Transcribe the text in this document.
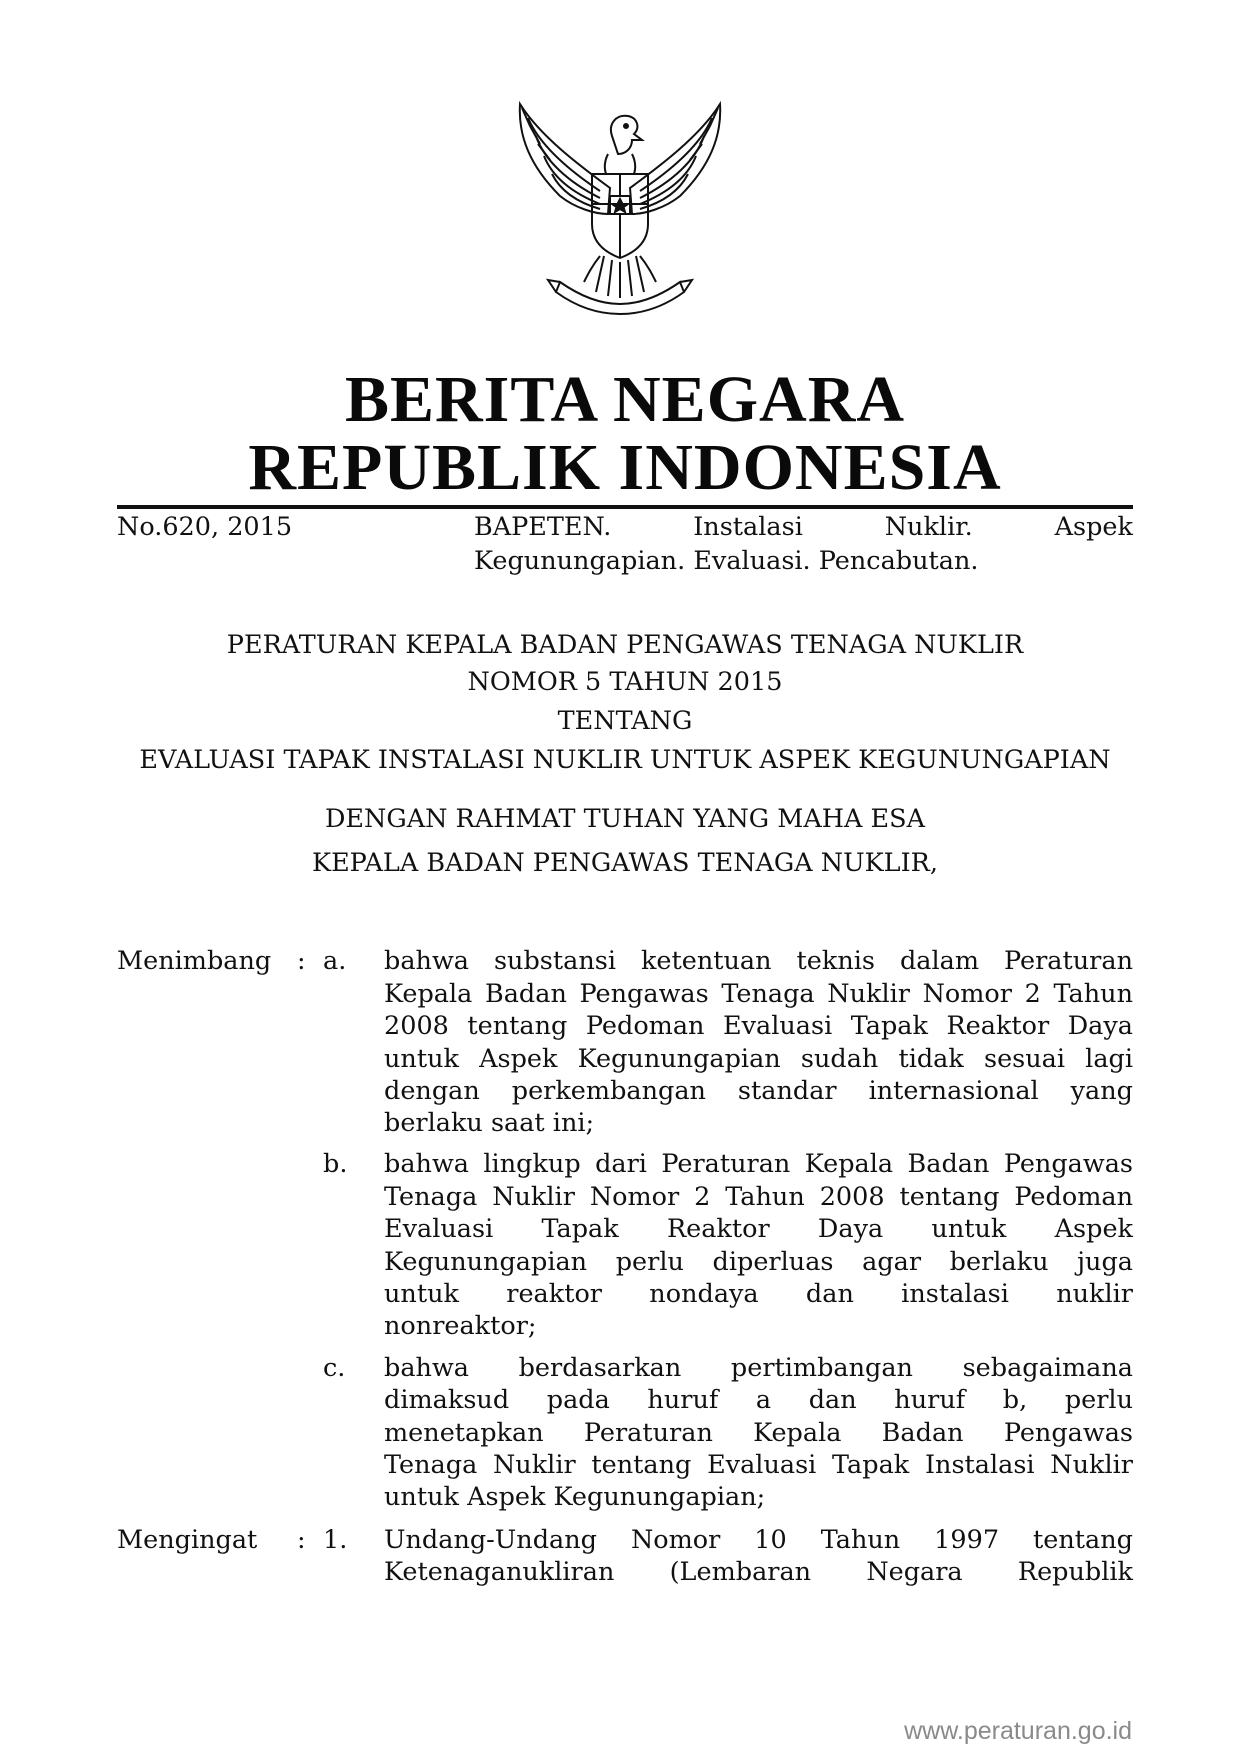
BERITA NEGARA
REPUBLIK INDONESIA
No.620, 2015	BAPETEN.	Instalasi	Nuklir.	Aspek
Kegunungapian. Evaluasi. Pencabutan.
PERATURAN KEPALA BADAN PENGAWAS TENAGA NUKLIR
NOMOR 5 TAHUN 2015
TENTANG
EVALUASI TAPAK INSTALASI NUKLIR UNTUK ASPEK KEGUNUNGAPIAN
DENGAN RAHMAT TUHAN YANG MAHA ESA
KEPALA BADAN PENGAWAS TENAGA NUKLIR,
Menimbang : a. bahwa substansi ketentuan teknis dalam Peraturan
Kepala Badan Pengawas Tenaga Nuklir Nomor 2 Tahun
2008 tentang Pedoman Evaluasi Tapak Reaktor Daya
untuk Aspek Kegunungapian sudah tidak sesuai lagi
dengan perkembangan standar internasional yang
berlaku saat ini;
b. bahwa lingkup dari Peraturan Kepala Badan Pengawas
Tenaga Nuklir Nomor 2 Tahun 2008 tentang Pedoman
Evaluasi Tapak Reaktor Daya untuk Aspek
Kegunungapian perlu diperluas agar berlaku juga
untuk reaktor nondaya dan instalasi nuklir
nonreaktor;
c. bahwa berdasarkan pertimbangan sebagaimana
dimaksud pada huruf a dan huruf b, perlu
menetapkan Peraturan Kepala Badan Pengawas
Tenaga Nuklir tentang Evaluasi Tapak Instalasi Nuklir
untuk Aspek Kegunungapian;
Mengingat : 1. Undang-Undang Nomor 10 Tahun 1997 tentang
Ketenaganukliran (Lembaran Negara Republik
www.peraturan.go.id
